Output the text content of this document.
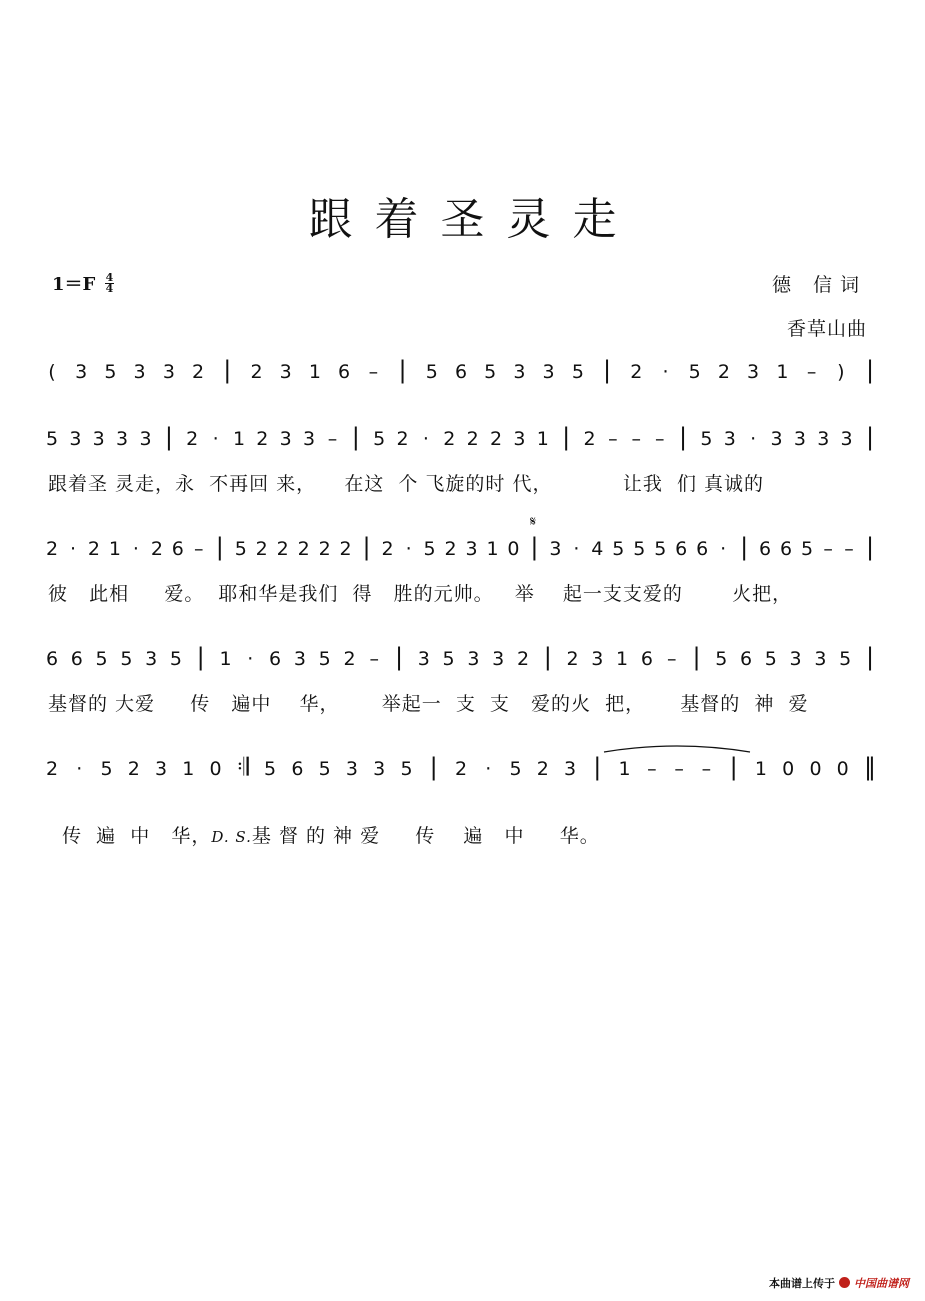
跟着圣灵走
$1=F \frac{4}{4}$	德 信词
香草山曲
( 3 5 3 3 2 | 2 3 1 6 – | 5 6 5 3 3 5 | 2 · 5 2 3 1 – ) |
5 3 3 3 3 | 2 · 1 2 3 3 – | 5 2 · 2 2 2 3 1 | 2 – – – | 5 3 · 3 3 3 3 |
2 · 2 1 · 2 6 – | 5 2 2 2 2 2 | 2 · 5 2 3 1 0 | 3 · 4 5 5 5 6 6 · | 6 6 5 – – |
6 6 5 5 3 5 | 1 · 6 3 5 2 – | 3 5 3 3 2 | 2 3 1 6 – | 5 6 5 3 3 5 |
2 · 5 2 3 1 0 𝄇 5 6 5 3 3 5 | 2 · 5 2 3 | 1 – – – | 1 0 0 0 ‖
𝄋
跟着圣 灵走，永  不再回 来，    在这  个 飞旋的时 代，          让我  们 真诚的
彼   此相     爱。  耶和华是我们  得   胜的元帅。   举    起一支支爱的       火把，
基督的 大爱     传   遍中    华，      举起一  支  支   爱的火  把，     基督的  神  爱

传  遍  中   华，D. S.基 督 的 神 爱     传    遍   中     华。

本曲谱上传于 中国曲谱网
